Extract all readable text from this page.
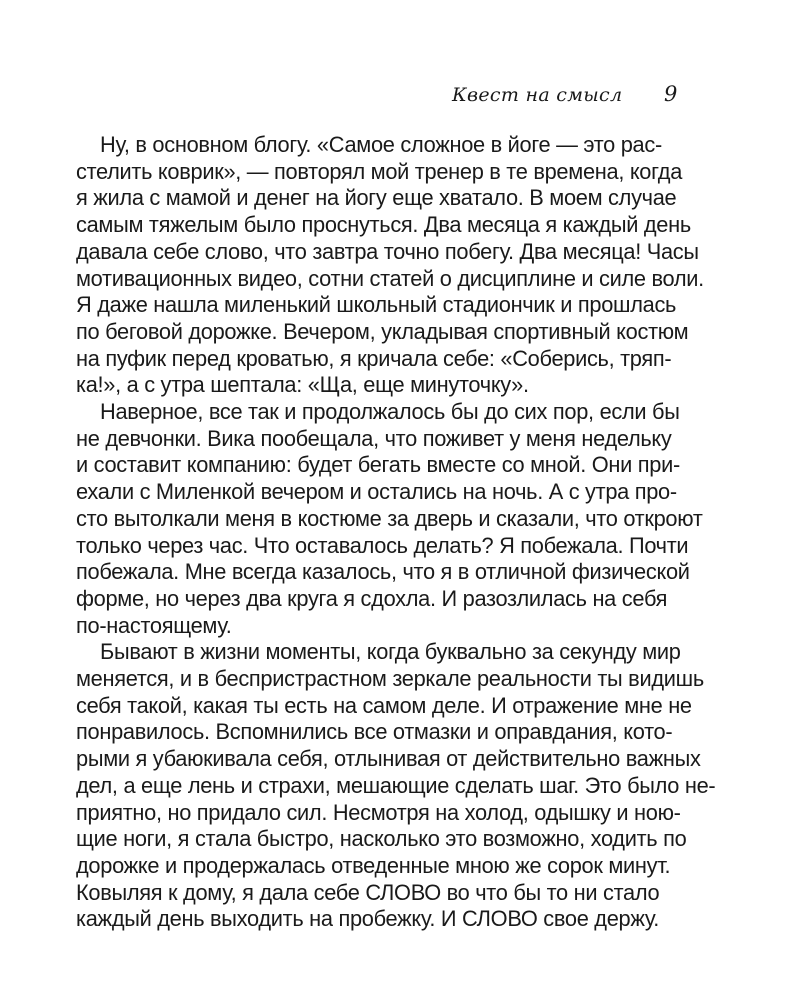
Квест на смысл 9

Ну, в основном блогу. «Самое сложное в йоге — это рас-
стелить коврик», — повторял мой тренер в те времена, когда
я жила с мамой и денег на йогу еще хватало. В моем случае
самым тяжелым было проснуться. Два месяца я каждый день
давала себе слово, что завтра точно побегу. Два месяца! Часы
мотивационных видео, сотни статей о дисциплине и силе воли.
Я даже нашла миленький школьный стадиончик и прошлась
по беговой дорожке. Вечером, укладывая спортивный костюм
на пуфик перед кроватью, я кричала себе: «Соберись, тряп-
ка!», а с утра шептала: «Ща, еще минуточку».

Наверное, все так и продолжалось бы до сих пор, если бы
не девчонки. Вика пообещала, что поживет у меня недельку
и составит компанию: будет бегать вместе со мной. Они при-
ехали с Миленкой вечером и остались на ночь. А с утра про-
сто вытолкали меня в костюме за дверь и сказали, что откроют
только через час. Что оставалось делать? Я побежала. Почти
побежала. Мне всегда казалось, что я в отличной физической
форме, но через два круга я сдохла. И разозлилась на себя
по-настоящему.

Бывают в жизни моменты, когда буквально за секунду мир
меняется, и в беспристрастном зеркале реальности ты видишь
себя такой, какая ты есть на самом деле. И отражение мне не
понравилось. Вспомнились все отмазки и оправдания, кото-
рыми я убаюкивала себя, отлынивая от действительно важных
дел, а еще лень и страхи, мешающие сделать шаг. Это было не-
приятно, но придало сил. Несмотря на холод, одышку и ною-
щие ноги, я стала быстро, насколько это возможно, ходить по
дорожке и продержалась отведенные мною же сорок минут.
Ковыляя к дому, я дала себе СЛОВО во что бы то ни стало
каждый день выходить на пробежку. И СЛОВО свое держу.
